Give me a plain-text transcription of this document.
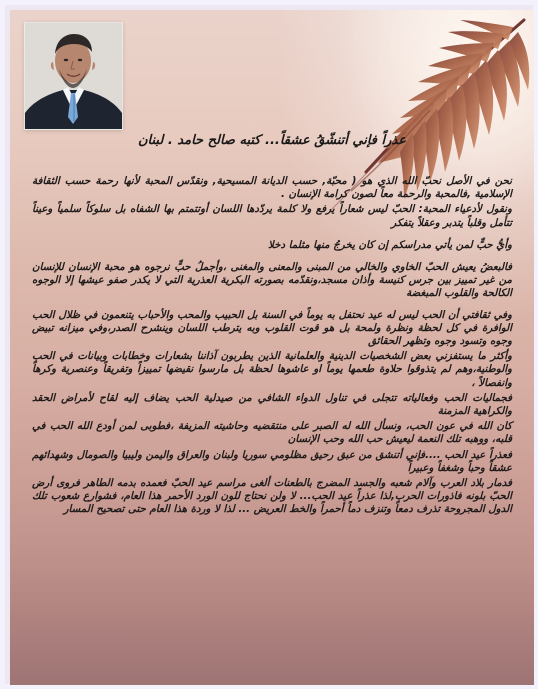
عذراً فإني أتنشّقُ عشقاً... كتبه صالح حامد . لبنان

نحن في الأصل نحبّ الله الذي هو ( محبّة, حسب الديانة المسيحية, ونقدّس المحبة لأنها رحمة حسب الثقافة الإسلامية ,فالمحبة والرحمة معاً لصون كرامة الإنسان .

ونقول لأدعياء المحبة: الحبّ ليس شعاراً يرفع ولا كلمة يردّدها اللسان أوتتمتم بها الشفاه بل سلوكاً سلمياً وعيناً تتأمل وقلباً يتدبر وعقلاً يتفكر

وأيُّ حبٍّ لمن يأتي مدراسكم إن كان يخرجُ منها مثلما دخلا

فالبعضُ يعيش الحبّ الخاوي والخالي من المبنى والمعنى والمغنى ،وأجملُ حبٍّ نرجوه هو محبة الإنسان للإنسان من غير تمييز بين جرس كنيسة وأذان مسجد،ونقدّمه بصورته البكرية العذرية التي لا يكدر صفو عيشها إلا الوجوه الكالحة والقلوب المبغضة

وفي ثقافتي أن الحب ليس له عيد نحتفل به يوماً في السنة بل الحبيب والمحب والأحباب يتنعمون في ظلال الحب الوافرة في كل لحظة ونظرة ولمحة بل هو قوت القلوب وبه يترطب اللسان وينشرح الصدر،وفي ميزانه تبيض وجوه وتسود وجوه وتظهر الحقائق

وأكثر ما يستفزني بعض الشخصيات الدينية والعلمانية الذين يطربون آذاننا بشعارات وخطابات وبيانات في الحب والوطنية،وهم لم يتذوقوا حلاوة طعمها يوماً او عاشوها لحظة بل مارسوا نقيضها تمييزاً وتفريقاً وعنصرية وكرهاً وانفصالاً ،

فجماليات الحب وفعالياته تتجلى في تناول الدواء الشافي من صيدلية الحب يضاف إليه لقاح لأمراض الحقد والكراهية المزمنة

كان الله في عون الحب، ونسأل الله له الصبر على منتقضيه وحاشيته المزيفة ،فطوبى لمن أودع الله الحب في قلبه، ووهبه تلك النعمة ليعيش حب الله وحب الإنسان

فعذراً عيد الحب ....فإني أتنشق من عبق رحيق مظلومي سوريا ولبنان والعراق واليمن وليبيا والصومال وشهدائهم عشقاً وحباً وشغفاً وعبيراً

فدمار بلاد العرب وآلام شعبه والجسد المضرج بالطعنات ألغى مراسم عيد الحبّ فعمده بدمه الطاهر فروى أرض الحبّ بلونه فاذورات الحرب,لذا عذراً عيد الحب... لا ولن نحتاج للون الورد الأحمر هذا العام، فشوارع شعوب تلك الدول المجروحة تذرف دمعاً وتنزف دماً أحمراً والخط العريض ... لذا لا وردة هذا العام حتى تصحيح المسار
